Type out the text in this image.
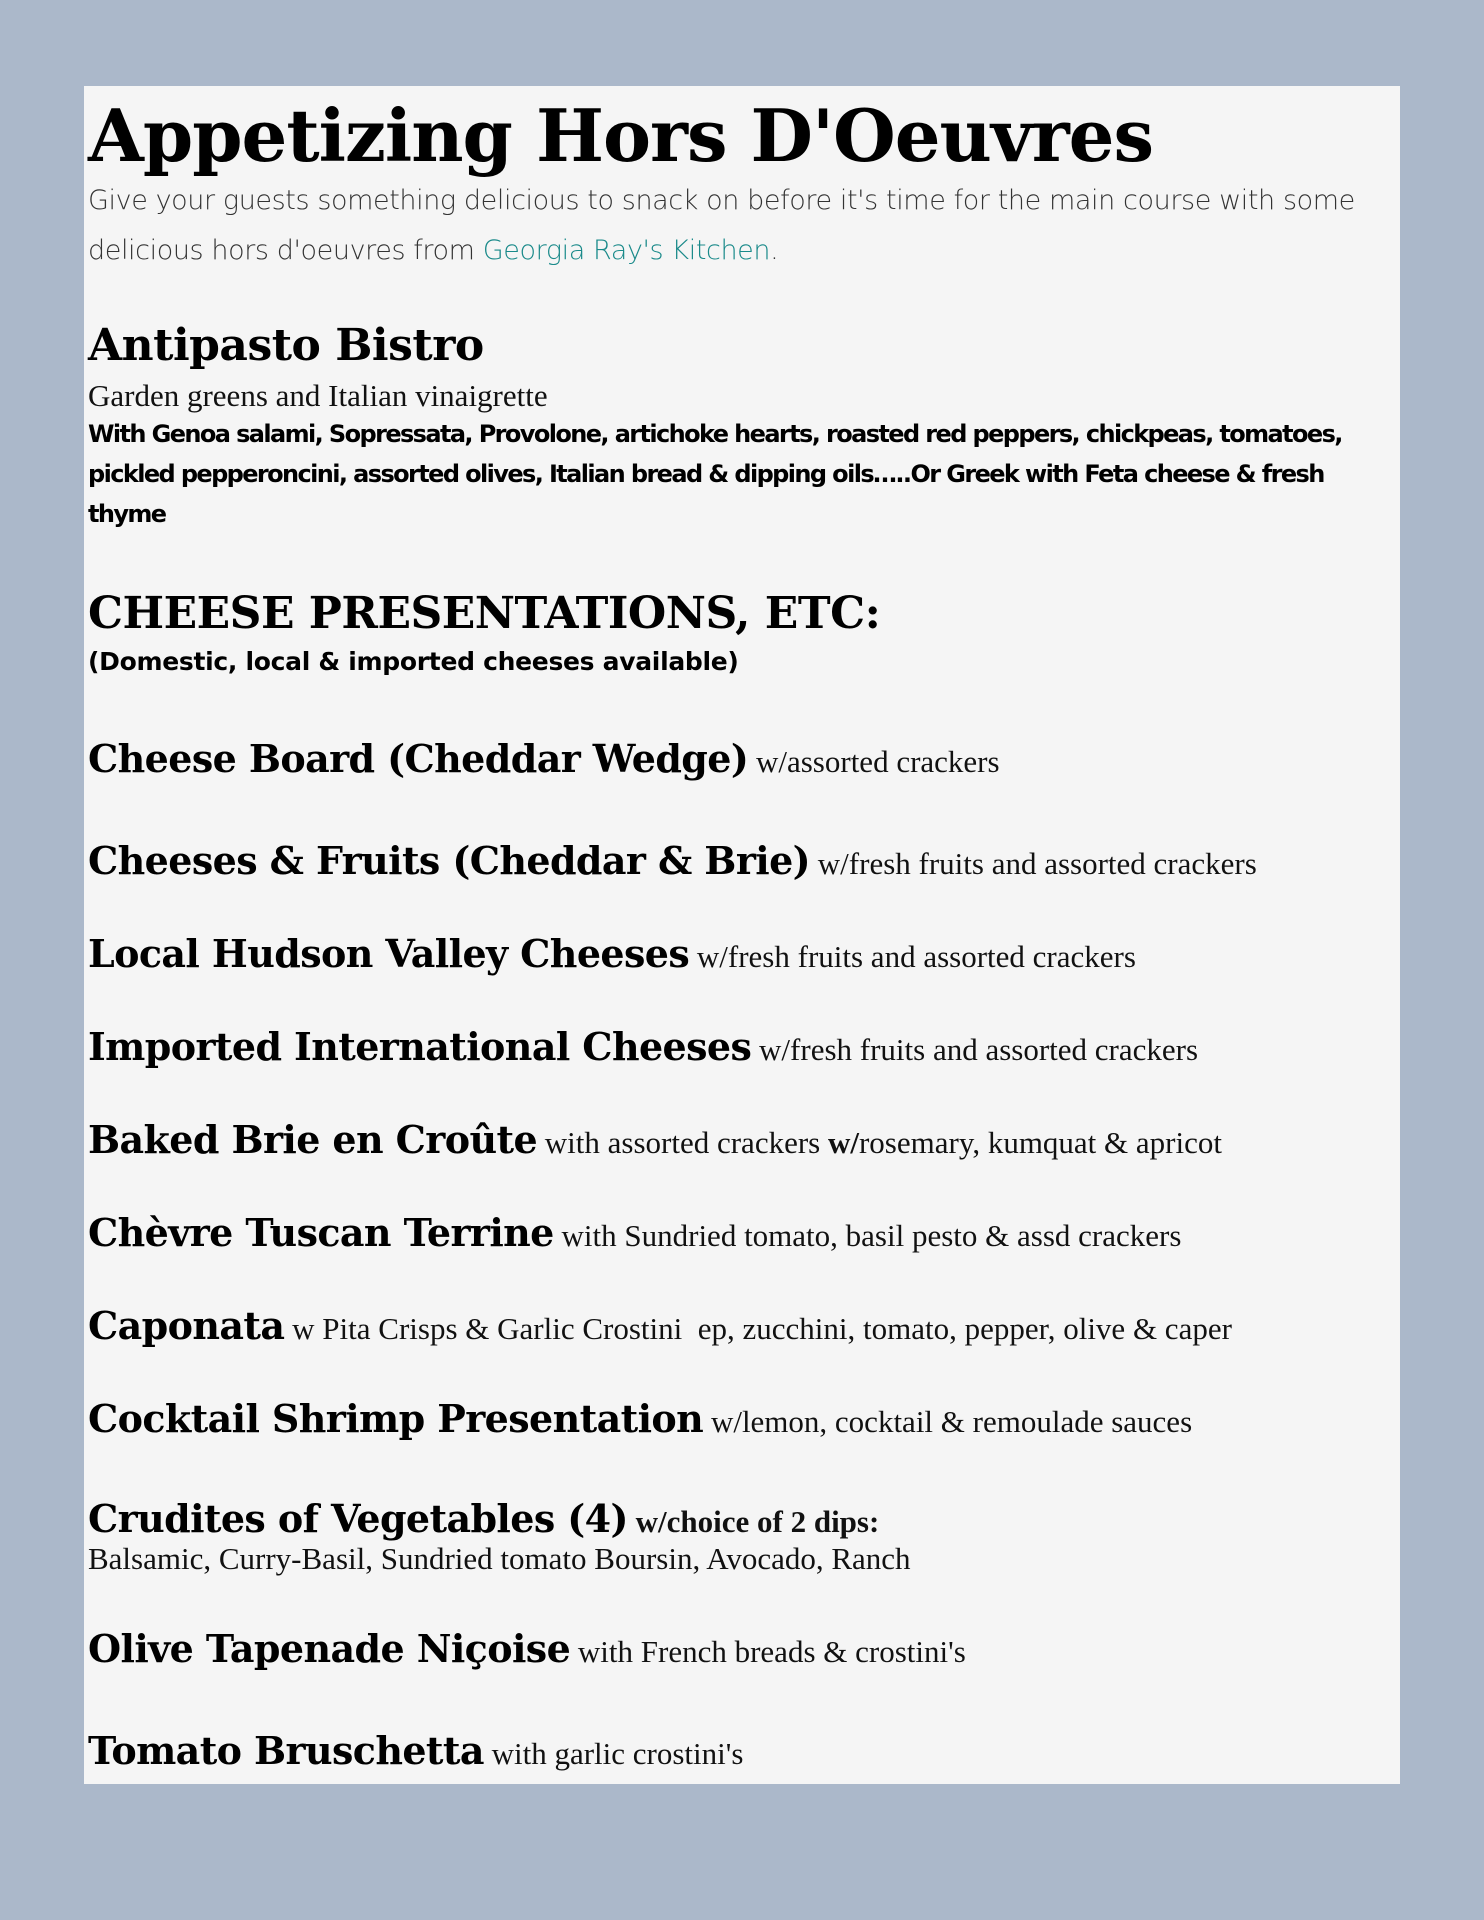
Appetizing Hors D'Oeuvres

Give your guests something delicious to snack on before it's time for the main course with some delicious hors d'oeuvres from Georgia Ray's Kitchen.

Antipasto Bistro

Garden greens and Italian vinaigrette

With Genoa salami, Sopressata, Provolone, artichoke hearts, roasted red peppers, chickpeas, tomatoes, pickled pepperoncini, assorted olives, Italian bread & dipping oils…..Or Greek with Feta cheese & fresh thyme

CHEESE PRESENTATIONS, ETC:

(Domestic, local & imported cheeses available)

Cheese Board (Cheddar Wedge) w/assorted crackers
Cheeses & Fruits (Cheddar & Brie) w/fresh fruits and assorted crackers
Local Hudson Valley Cheeses w/fresh fruits and assorted crackers
Imported International Cheeses w/fresh fruits and assorted crackers
Baked Brie en Croûte with assorted crackers w/rosemary, kumquat & apricot
Chèvre Tuscan Terrine with Sundried tomato, basil pesto & assd crackers
Caponata w Pita Crisps & Garlic Crostini  ep, zucchini, tomato, pepper, olive & caper
Cocktail Shrimp Presentation w/lemon, cocktail & remoulade sauces
Crudites of Vegetables (4) w/choice of 2 dips:
Balsamic, Curry-Basil, Sundried tomato Boursin, Avocado, Ranch
Olive Tapenade Niçoise with French breads & crostini's
Tomato Bruschetta with garlic crostini's
